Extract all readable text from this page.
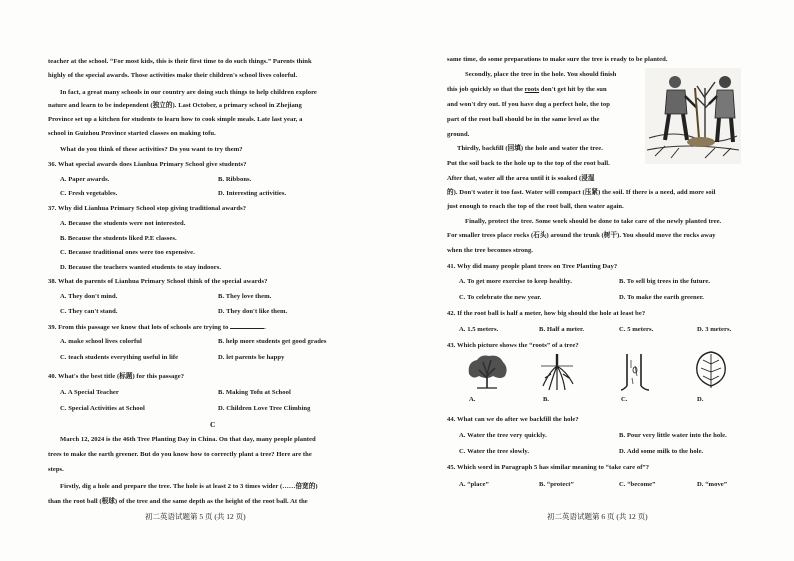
teacher at the school. “For most kids, this is their first time to do such things.” Parents think
highly of the special awards. Those activities make their children's school lives colorful.
In fact, a great many schools in our country are doing such things to help children explore
nature and learn to be independent (独立的). Last October, a primary school in Zhejiang
Province set up a kitchen for students to learn how to cook simple meals. Late last year, a
school in Guizhou Province started classes on making tofu.
What do you think of these activities? Do you want to try them?
36. What special awards does Lianhua Primary School give students?
A. Paper awards.	B. Ribbons.
C. Fresh vegetables.	D. Interesting activities.
37. Why did Lianhua Primary School stop giving traditional awards?
A. Because the students were not interested.
B. Because the students liked P.E classes.
C. Because traditional ones were too expensive.
D. Because the teachers wanted students to stay indoors.
38. What do parents of Lianhua Primary School think of the special awards?
A. They don't mind.	B. They love them.
C. They can't stand.	D. They don't like them.
39. From this passage we know that lots of schools are trying to	.
A. make school lives colorful	B. help more students get good grades
C. teach students everything useful in life	D. let parents be happy
40. What's the best title (标题) for this passage?
A. A Special Teacher	B. Making Tofu at School
C. Special Activities at School	D. Children Love Tree Climbing
C
March 12, 2024 is the 46th Tree Planting Day in China. On that day, many people planted
trees to make the earth greener. But do you know how to correctly plant a tree? Here are the
steps.
Firstly, dig a hole and prepare the tree. The hole is at least 2 to 3 times wider (……倍宽的)
than the root ball (根球) of the tree and the same depth as the height of the root ball. At the
初二英语试题第 5 页 (共 12 页)
same time, do some preparations to make sure the tree is ready to be planted.
Secondly, place the tree in the hole. You should finish
this job quickly so that the roots don't get hit by the sun
and won't dry out. If you have dug a perfect hole, the top
part of the root ball should be in the same level as the
ground.
Thirdly, backfill (回填) the hole and water the tree.
Put the soil back to the hole up to the top of the root ball.
After that, water all the area until it is soaked (浸湿
的). Don't water it too fast. Water will compact (压紧) the soil. If there is a need, add more soil
just enough to reach the top of the root ball, then water again.
Finally, protect the tree. Some work should be done to take care of the newly planted tree.
For smaller trees place rocks (石头) around the trunk (树干). You should move the rocks away
when the tree becomes strong.
41. Why did many people plant trees on Tree Planting Day?
A. To get more exercise to keep healthy.	B. To sell big trees in the future.
C. To celebrate the new year.	D. To make the earth greener.
42. If the root ball is half a meter, how big should the hole at least be?
A. 1.5 meters.	B. Half a meter.	C. 5 meters.	D. 3 meters.
43. Which picture shows the “roots” of a tree?
A.	B.	C.	D.
44. What can we do after we backfill the hole?
A. Water the tree very quickly.	B. Pour very little water into the hole.
C. Water the tree slowly.	D. Add some milk to the hole.
45. Which word in Paragraph 5 has similar meaning to “take care of”?
A. “place”	B. “protect”	C. “become”	D. “move”
初二英语试题第 6 页 (共 12 页)
